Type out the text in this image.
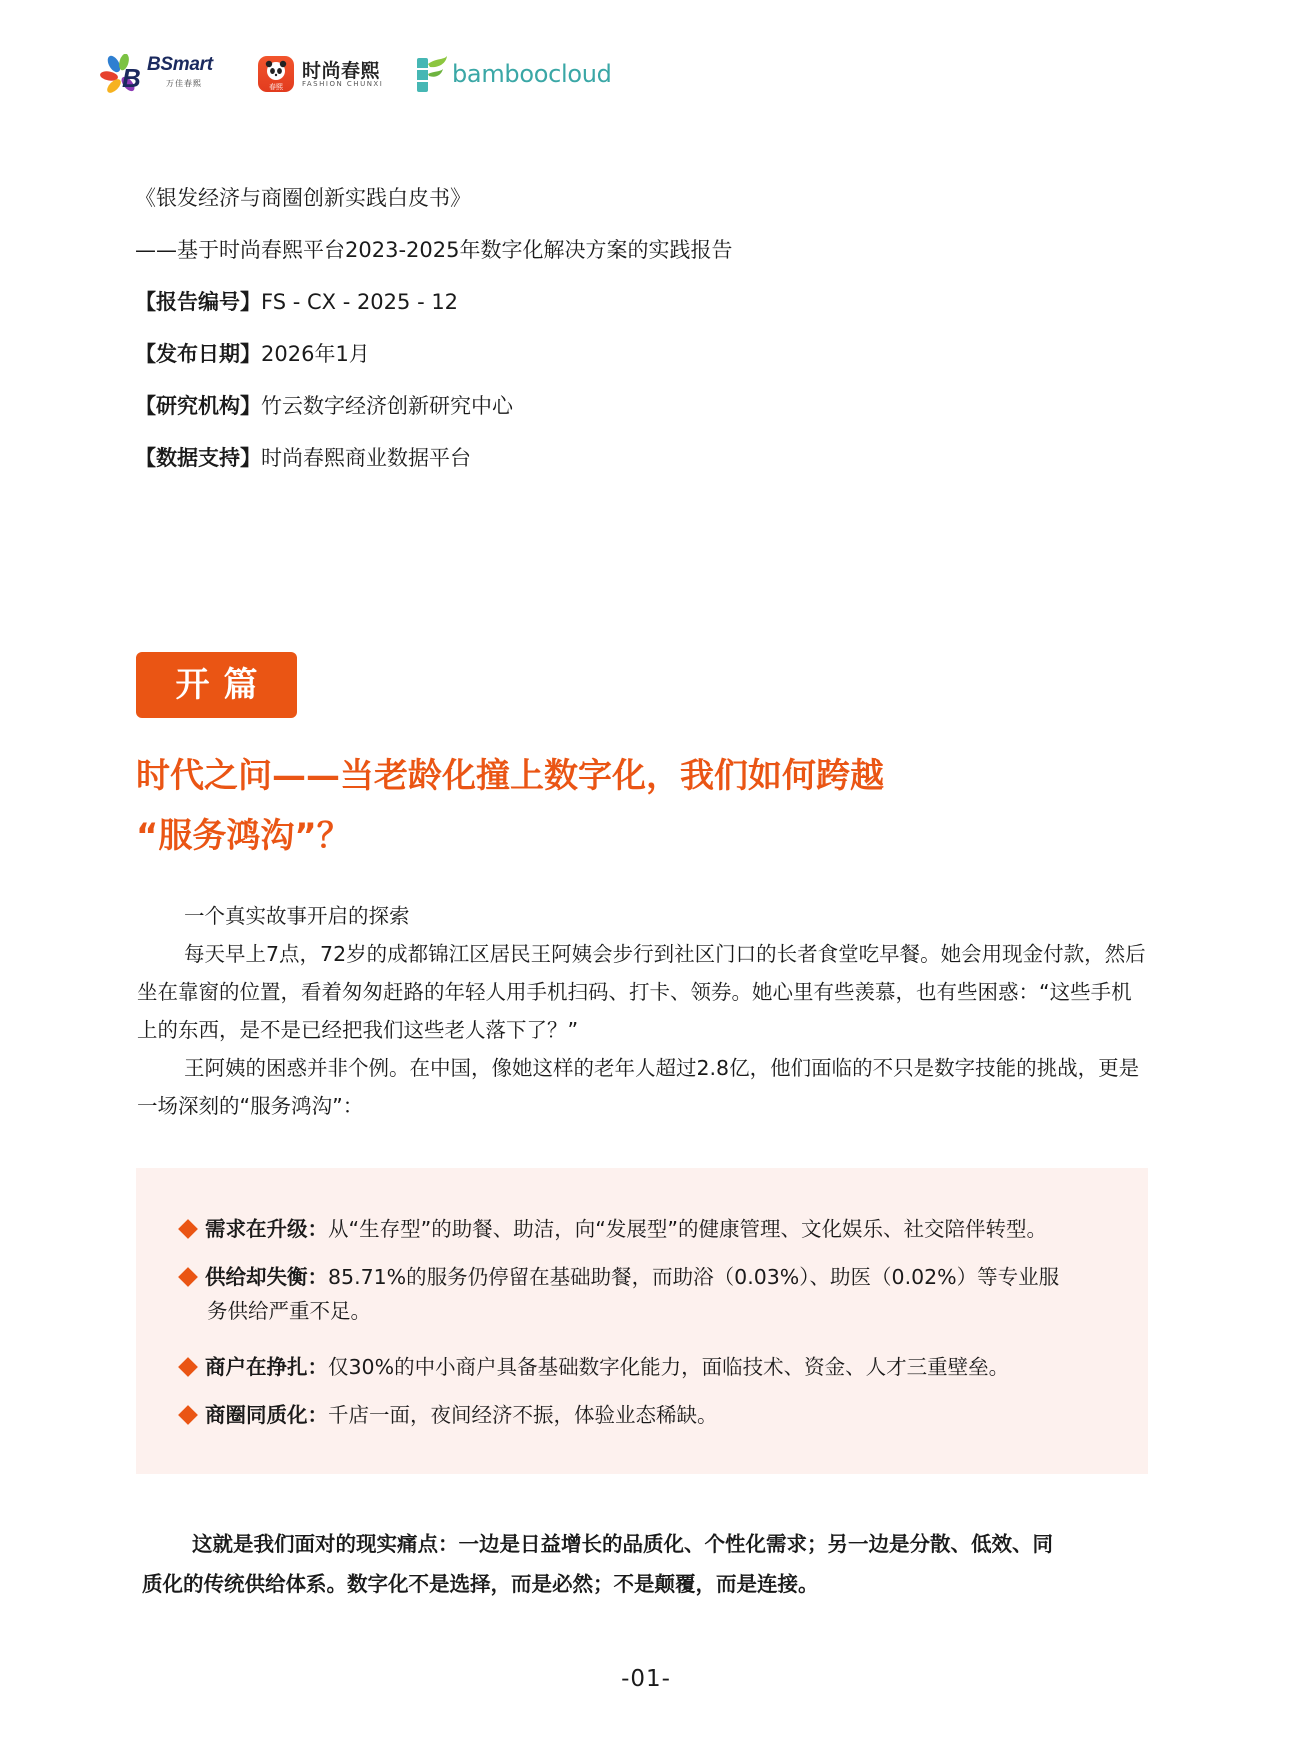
B BSmart
万佳春熙	春熙
时尚春熙
FASHION CHUNXI	bamboocloud
《银发经济与商圈创新实践白皮书》
——基于时尚春熙平台2023-2025年数字化解决方案的实践报告
【报告编号】FS - CX - 2025 - 12
【发布日期】2026年1月
【研究机构】竹云数字经济创新研究中心
【数据支持】时尚春熙商业数据平台
开篇
时代之问——当老龄化撞上数字化，我们如何跨越
“服务鸿沟”？

一个真实故事开启的探索

每天早上7点，72岁的成都锦江区居民王阿姨会步行到社区门口的长者食堂吃早餐。她会用现金付款，然后坐在靠窗的位置，看着匆匆赶路的年轻人用手机扫码、打卡、领券。她心里有些羡慕，也有些困惑：“这些手机上的东西，是不是已经把我们这些老人落下了？”

王阿姨的困惑并非个例。在中国，像她这样的老年人超过2.8亿，他们面临的不只是数字技能的挑战，更是一场深刻的“服务鸿沟”：

需求在升级：从“生存型”的助餐、助洁，向“发展型”的健康管理、文化娱乐、社交陪伴转型。
供给却失衡：85.71%的服务仍停留在基础助餐，而助浴（0.03%）、助医（0.02%）等专业服
务供给严重不足。
商户在挣扎：仅30%的中小商户具备基础数字化能力，面临技术、资金、人才三重壁垒。
商圈同质化：千店一面，夜间经济不振，体验业态稀缺。
这就是我们面对的现实痛点：一边是日益增长的品质化、个性化需求；另一边是分散、低效、同
质化的传统供给体系。数字化不是选择，而是必然；不是颠覆，而是连接。
-01-
